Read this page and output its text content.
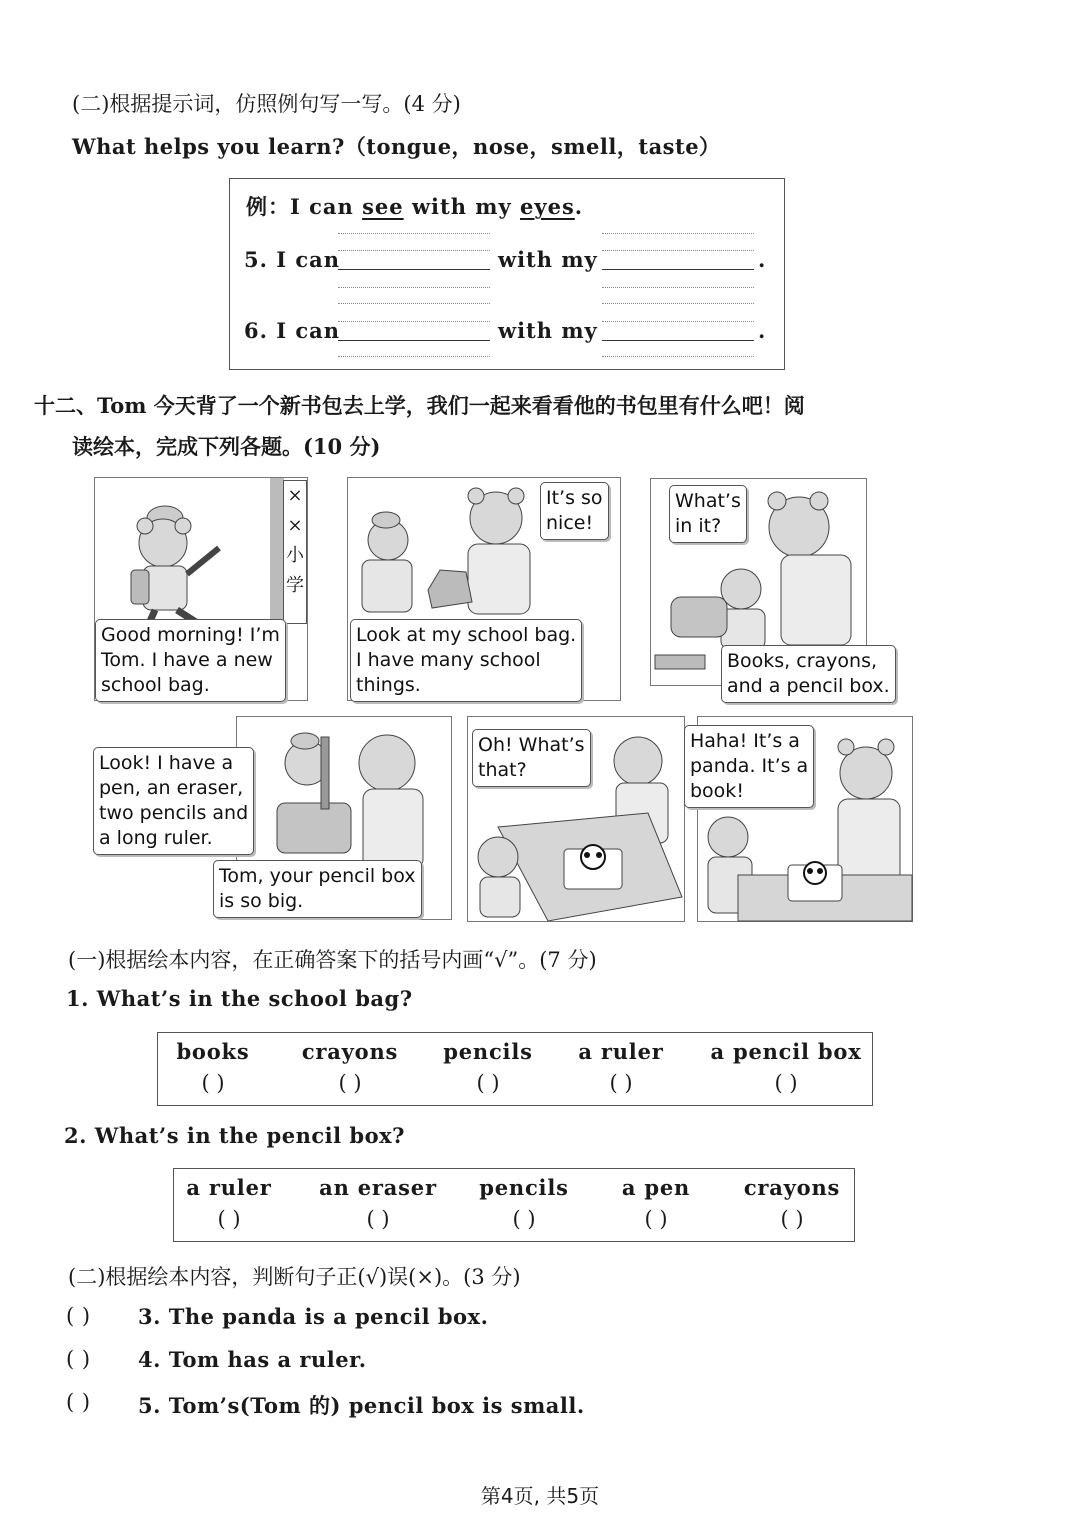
(二)根据提示词，仿照例句写一写。(4 分)
What helps you learn?（tongue，nose，smell，taste）
例：I can see with my eyes.
5. I can	with my	.
6. I can	with my	.
十二、Tom 今天背了一个新书包去上学，我们一起来看看他的书包里有什么吧！阅
读绘本，完成下列各题。(10 分)
×
×
小
学
Good morning! I’m
Tom. I have a new
school bag.
It’s so
nice!
Look at my school bag.
I have many school
things.
What’s
in it?
Books, crayons,
and a pencil box.
Look! I have a
pen, an eraser,
two pencils and
a long ruler.
Tom, your pencil box
is so big.
Oh! What’s
that?
Haha! It’s a
panda. It’s a
book!
(一)根据绘本内容，在正确答案下的括号内画“√”。(7 分)
1. What’s in the school bag?
books	crayons	pencils	a ruler	a pencil box
( )	( )	( )	( )	( )
2. What’s in the pencil box?
a ruler	an eraser	pencils	a pen	crayons
( )	( )	( )	( )	( )
(二)根据绘本内容，判断句子正(√)误(×)。(3 分)
( ) 3. The panda is a pencil box.
( ) 4. Tom has a ruler.
( ) 5. Tom’s(Tom 的) pencil box is small.
第4页, 共5页
